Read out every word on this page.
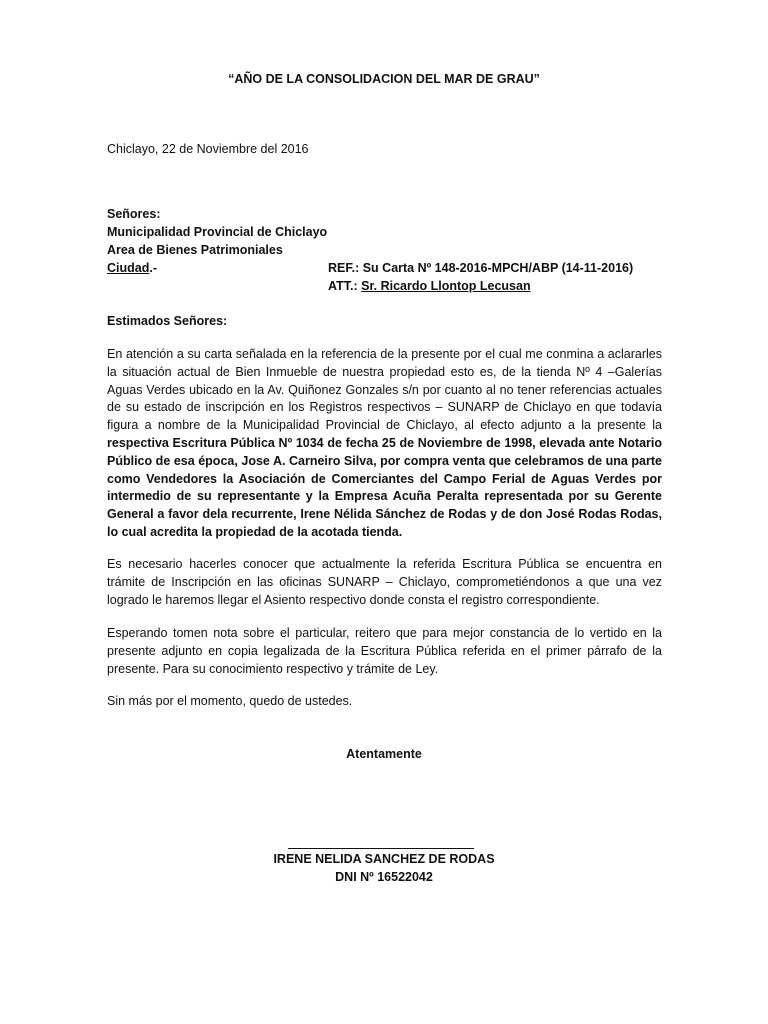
“AÑO DE LA CONSOLIDACION DEL MAR DE GRAU”
Chiclayo, 22 de Noviembre del 2016
Señores:
Municipalidad Provincial de Chiclayo
Area de Bienes Patrimoniales
Ciudad.-	REF.: Su Carta Nº 148-2016-MPCH/ABP (14-11-2016)
ATT.: Sr. Ricardo Llontop Lecusan
Estimados Señores:

En atención a su carta señalada en la referencia de la presente por el cual me conmina a aclararles la situación actual de Bien Inmueble de nuestra propiedad esto es, de la tienda Nº 4 –Galerías Aguas Verdes ubicado en la Av. Quiñonez Gonzales s/n por cuanto al no tener referencias actuales de su estado de inscripción en los Registros respectivos – SUNARP de Chiclayo en que todavía figura a nombre de la Municipalidad Provincial de Chiclayo, al efecto adjunto a la presente la respectiva Escritura Pública Nº 1034 de fecha 25 de Noviembre de 1998, elevada ante Notario Público de esa época, Jose A. Carneiro Silva, por compra venta que celebramos de una parte como Vendedores la Asociación de Comerciantes del Campo Ferial de Aguas Verdes por intermedio de su representante y la Empresa Acuña Peralta representada por su Gerente General a favor dela recurrente, Irene Nélida Sánchez de Rodas y de don José Rodas Rodas, lo cual acredita la propiedad de la acotada tienda.

Es necesario hacerles conocer que actualmente la referida Escritura Pública se encuentra en trámite de Inscripción en las oficinas SUNARP – Chiclayo, comprometiéndonos a que una vez logrado le haremos llegar el Asiento respectivo donde consta el registro correspondiente.

Esperando tomen nota sobre el particular, reitero que para mejor constancia de lo vertido en la presente adjunto en copia legalizada de la Escritura Pública referida en el primer párrafo de la presente. Para su conocimiento respectivo y trámite de Ley.

Sin más por el momento, quedo de ustedes.
Atentamente
IRENE NELIDA SANCHEZ DE RODAS
DNI Nº 16522042
